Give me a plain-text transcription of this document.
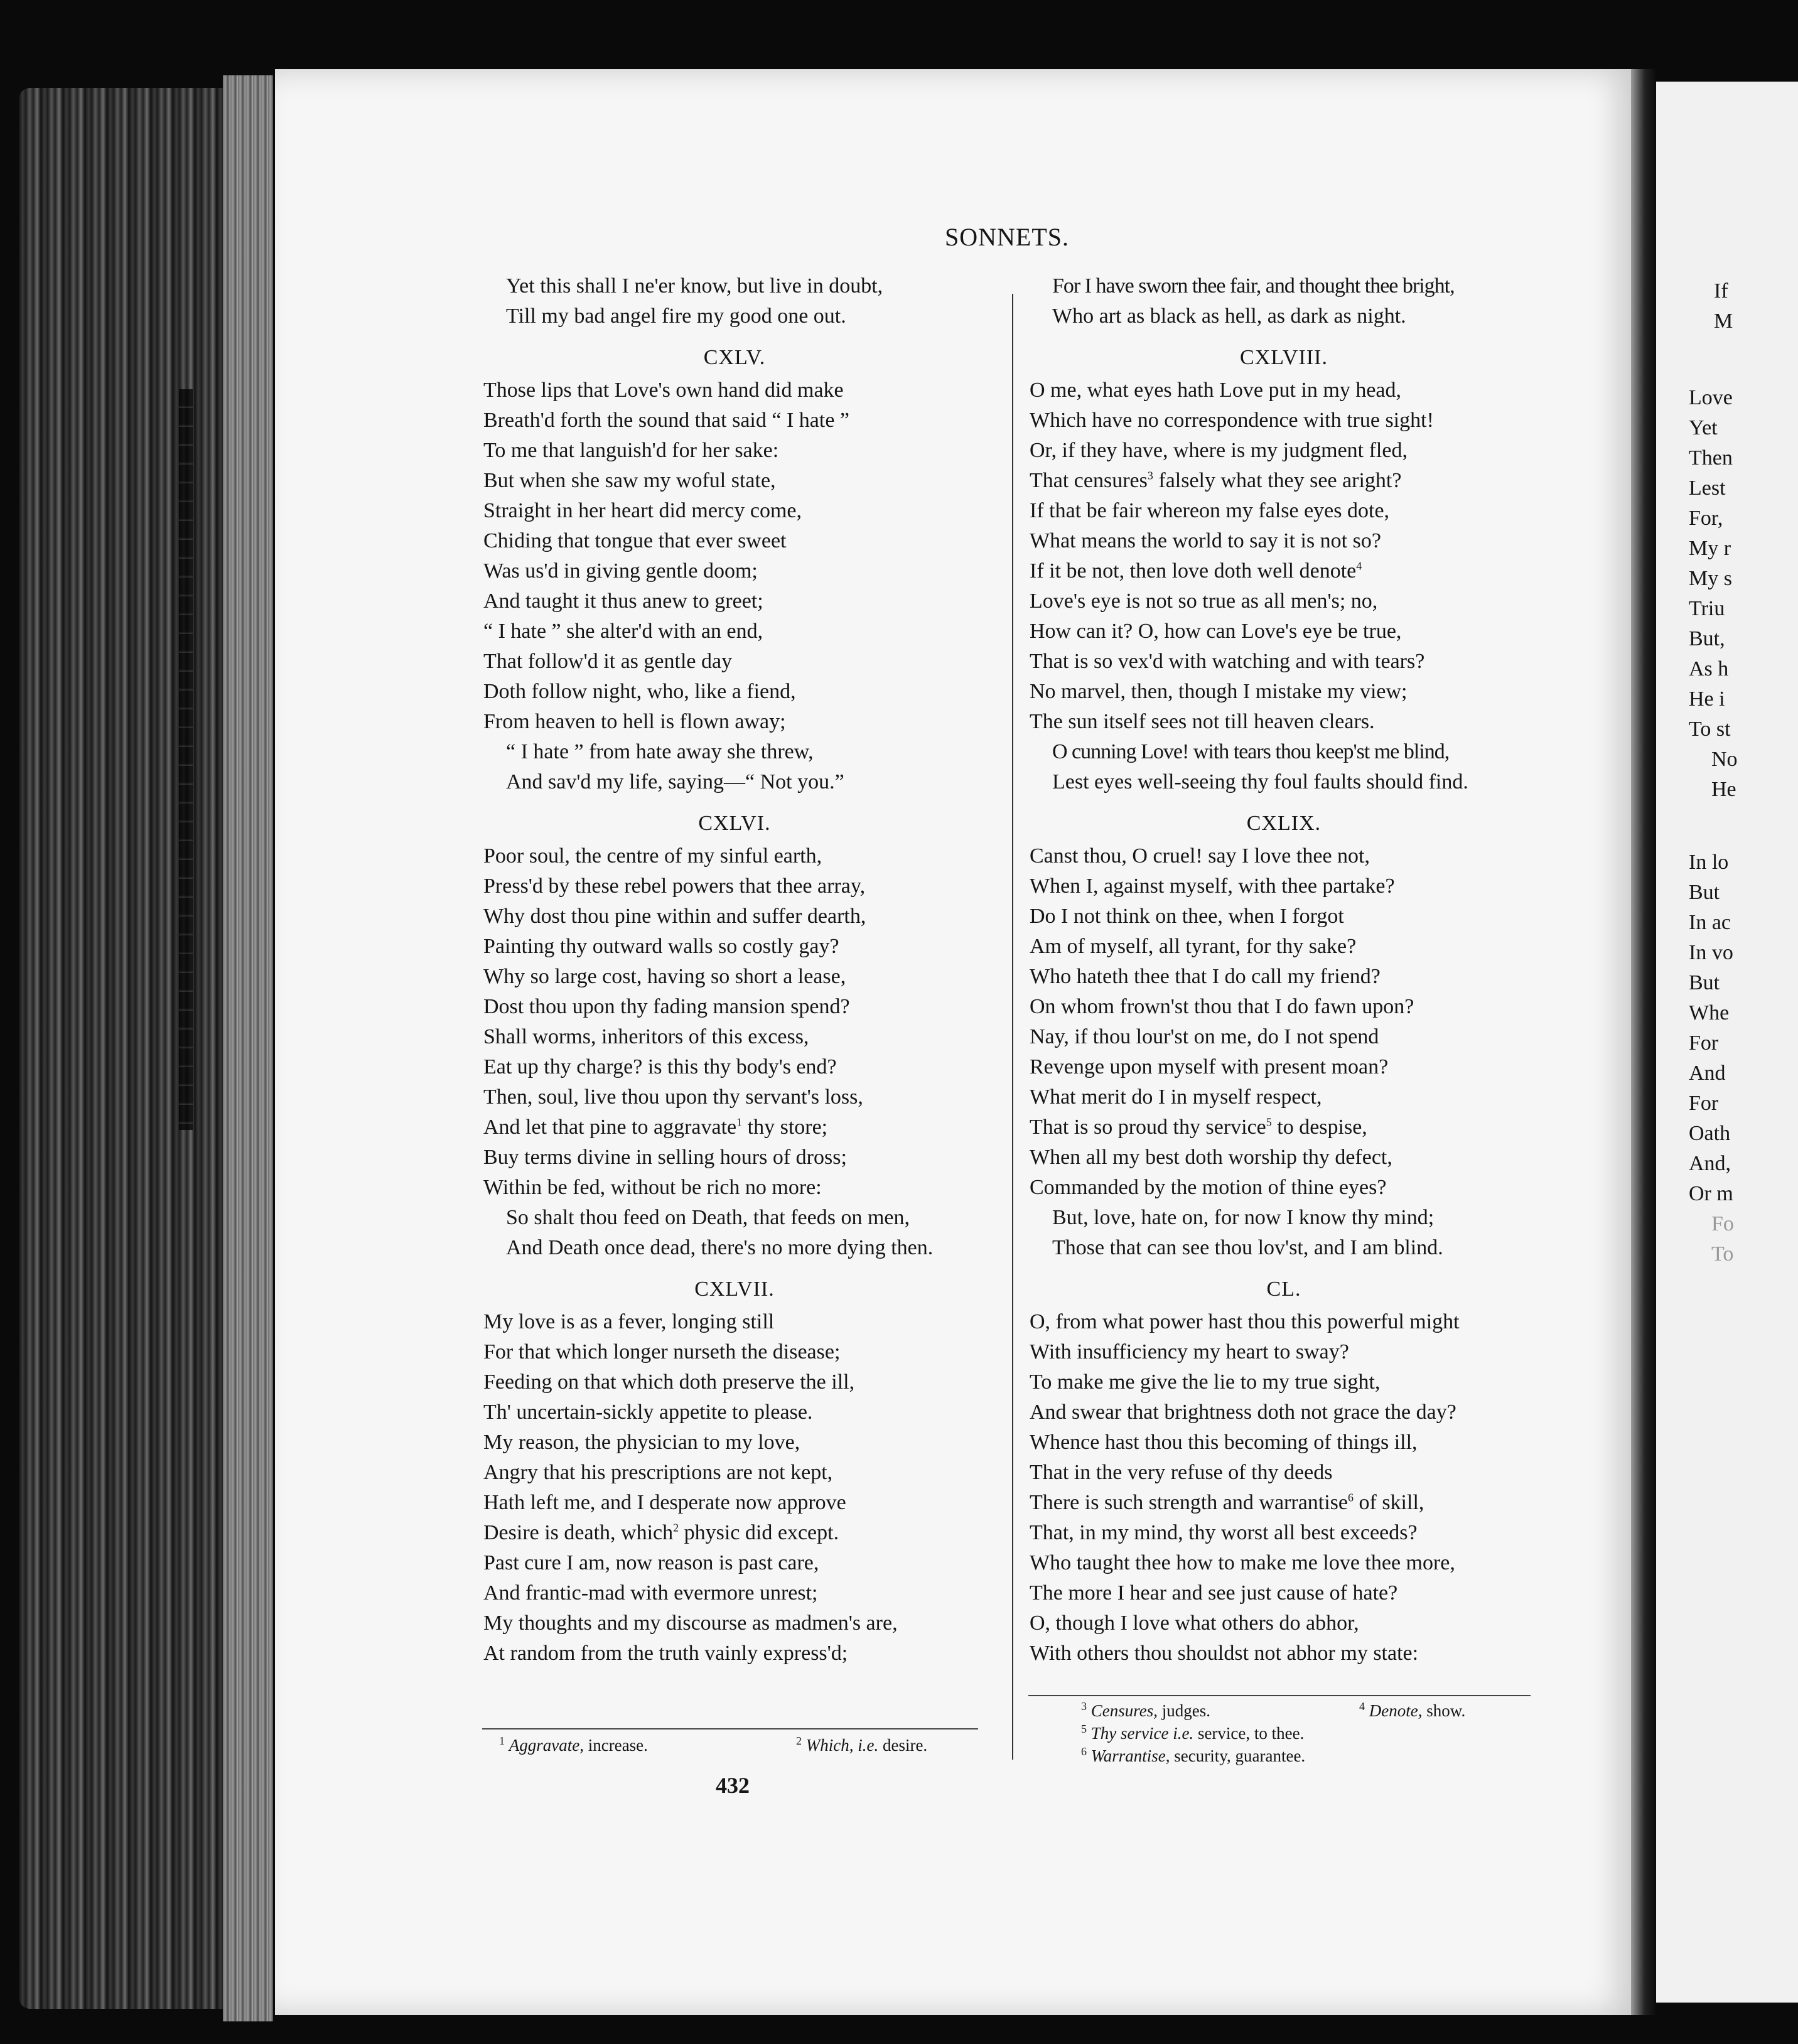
If
M
Love
Yet
Then
Lest
For,
My r
My s
Triu
But,
As h
He i
To st
No
He
In lo
But
In ac
In vo
But
Whe
For
And
For
Oath
And,
Or m
Fo
To
SONNETS.
Yet this shall I ne'er know, but live in doubt,
Till my bad angel fire my good one out.
CXLV.
Those lips that Love's own hand did make
Breath'd forth the sound that said “ I hate ”
To me that languish'd for her sake:
But when she saw my woful state,
Straight in her heart did mercy come,
Chiding that tongue that ever sweet
Was us'd in giving gentle doom;
And taught it thus anew to greet;
“ I hate ” she alter'd with an end,
That follow'd it as gentle day
Doth follow night, who, like a fiend,
From heaven to hell is flown away;
“ I hate ” from hate away she threw,
And sav'd my life, saying—“ Not you.”
CXLVI.
Poor soul, the centre of my sinful earth,
Press'd by these rebel powers that thee array,
Why dost thou pine within and suffer dearth,
Painting thy outward walls so costly gay?
Why so large cost, having so short a lease,
Dost thou upon thy fading mansion spend?
Shall worms, inheritors of this excess,
Eat up thy charge? is this thy body's end?
Then, soul, live thou upon thy servant's loss,
And let that pine to aggravate$^1$ thy store;
Buy terms divine in selling hours of dross;
Within be fed, without be rich no more:
So shalt thou feed on Death, that feeds on men,
And Death once dead, there's no more dying then.
CXLVII.
My love is as a fever, longing still
For that which longer nurseth the disease;
Feeding on that which doth preserve the ill,
Th' uncertain-sickly appetite to please.
My reason, the physician to my love,
Angry that his prescriptions are not kept,
Hath left me, and I desperate now approve
Desire is death, which$^2$ physic did except.
Past cure I am, now reason is past care,
And frantic-mad with evermore unrest;
My thoughts and my discourse as madmen's are,
At random from the truth vainly express'd;
$^1$ Aggravate, increase.	$^2$ Which, i.e. desire.
432
For I have sworn thee fair, and thought thee bright,
Who art as black as hell, as dark as night.
CXLVIII.
O me, what eyes hath Love put in my head,
Which have no correspondence with true sight!
Or, if they have, where is my judgment fled,
That censures$^3$ falsely what they see aright?
If that be fair whereon my false eyes dote,
What means the world to say it is not so?
If it be not, then love doth well denote$^4$
Love's eye is not so true as all men's; no,
How can it? O, how can Love's eye be true,
That is so vex'd with watching and with tears?
No marvel, then, though I mistake my view;
The sun itself sees not till heaven clears.
O cunning Love! with tears thou keep'st me blind,
Lest eyes well-seeing thy foul faults should find.
CXLIX.
Canst thou, O cruel! say I love thee not,
When I, against myself, with thee partake?
Do I not think on thee, when I forgot
Am of myself, all tyrant, for thy sake?
Who hateth thee that I do call my friend?
On whom frown'st thou that I do fawn upon?
Nay, if thou lour'st on me, do I not spend
Revenge upon myself with present moan?
What merit do I in myself respect,
That is so proud thy service$^5$ to despise,
When all my best doth worship thy defect,
Commanded by the motion of thine eyes?
But, love, hate on, for now I know thy mind;
Those that can see thou lov'st, and I am blind.
CL.
O, from what power hast thou this powerful might
With insufficiency my heart to sway?
To make me give the lie to my true sight,
And swear that brightness doth not grace the day?
Whence hast thou this becoming of things ill,
That in the very refuse of thy deeds
There is such strength and warrantise$^6$ of skill,
That, in my mind, thy worst all best exceeds?
Who taught thee how to make me love thee more,
The more I hear and see just cause of hate?
O, though I love what others do abhor,
With others thou shouldst not abhor my state:
$^3$ Censures, judges.	$^4$ Denote, show.
$^5$ Thy service i.e. service, to thee.
$^6$ Warrantise, security, guarantee.
